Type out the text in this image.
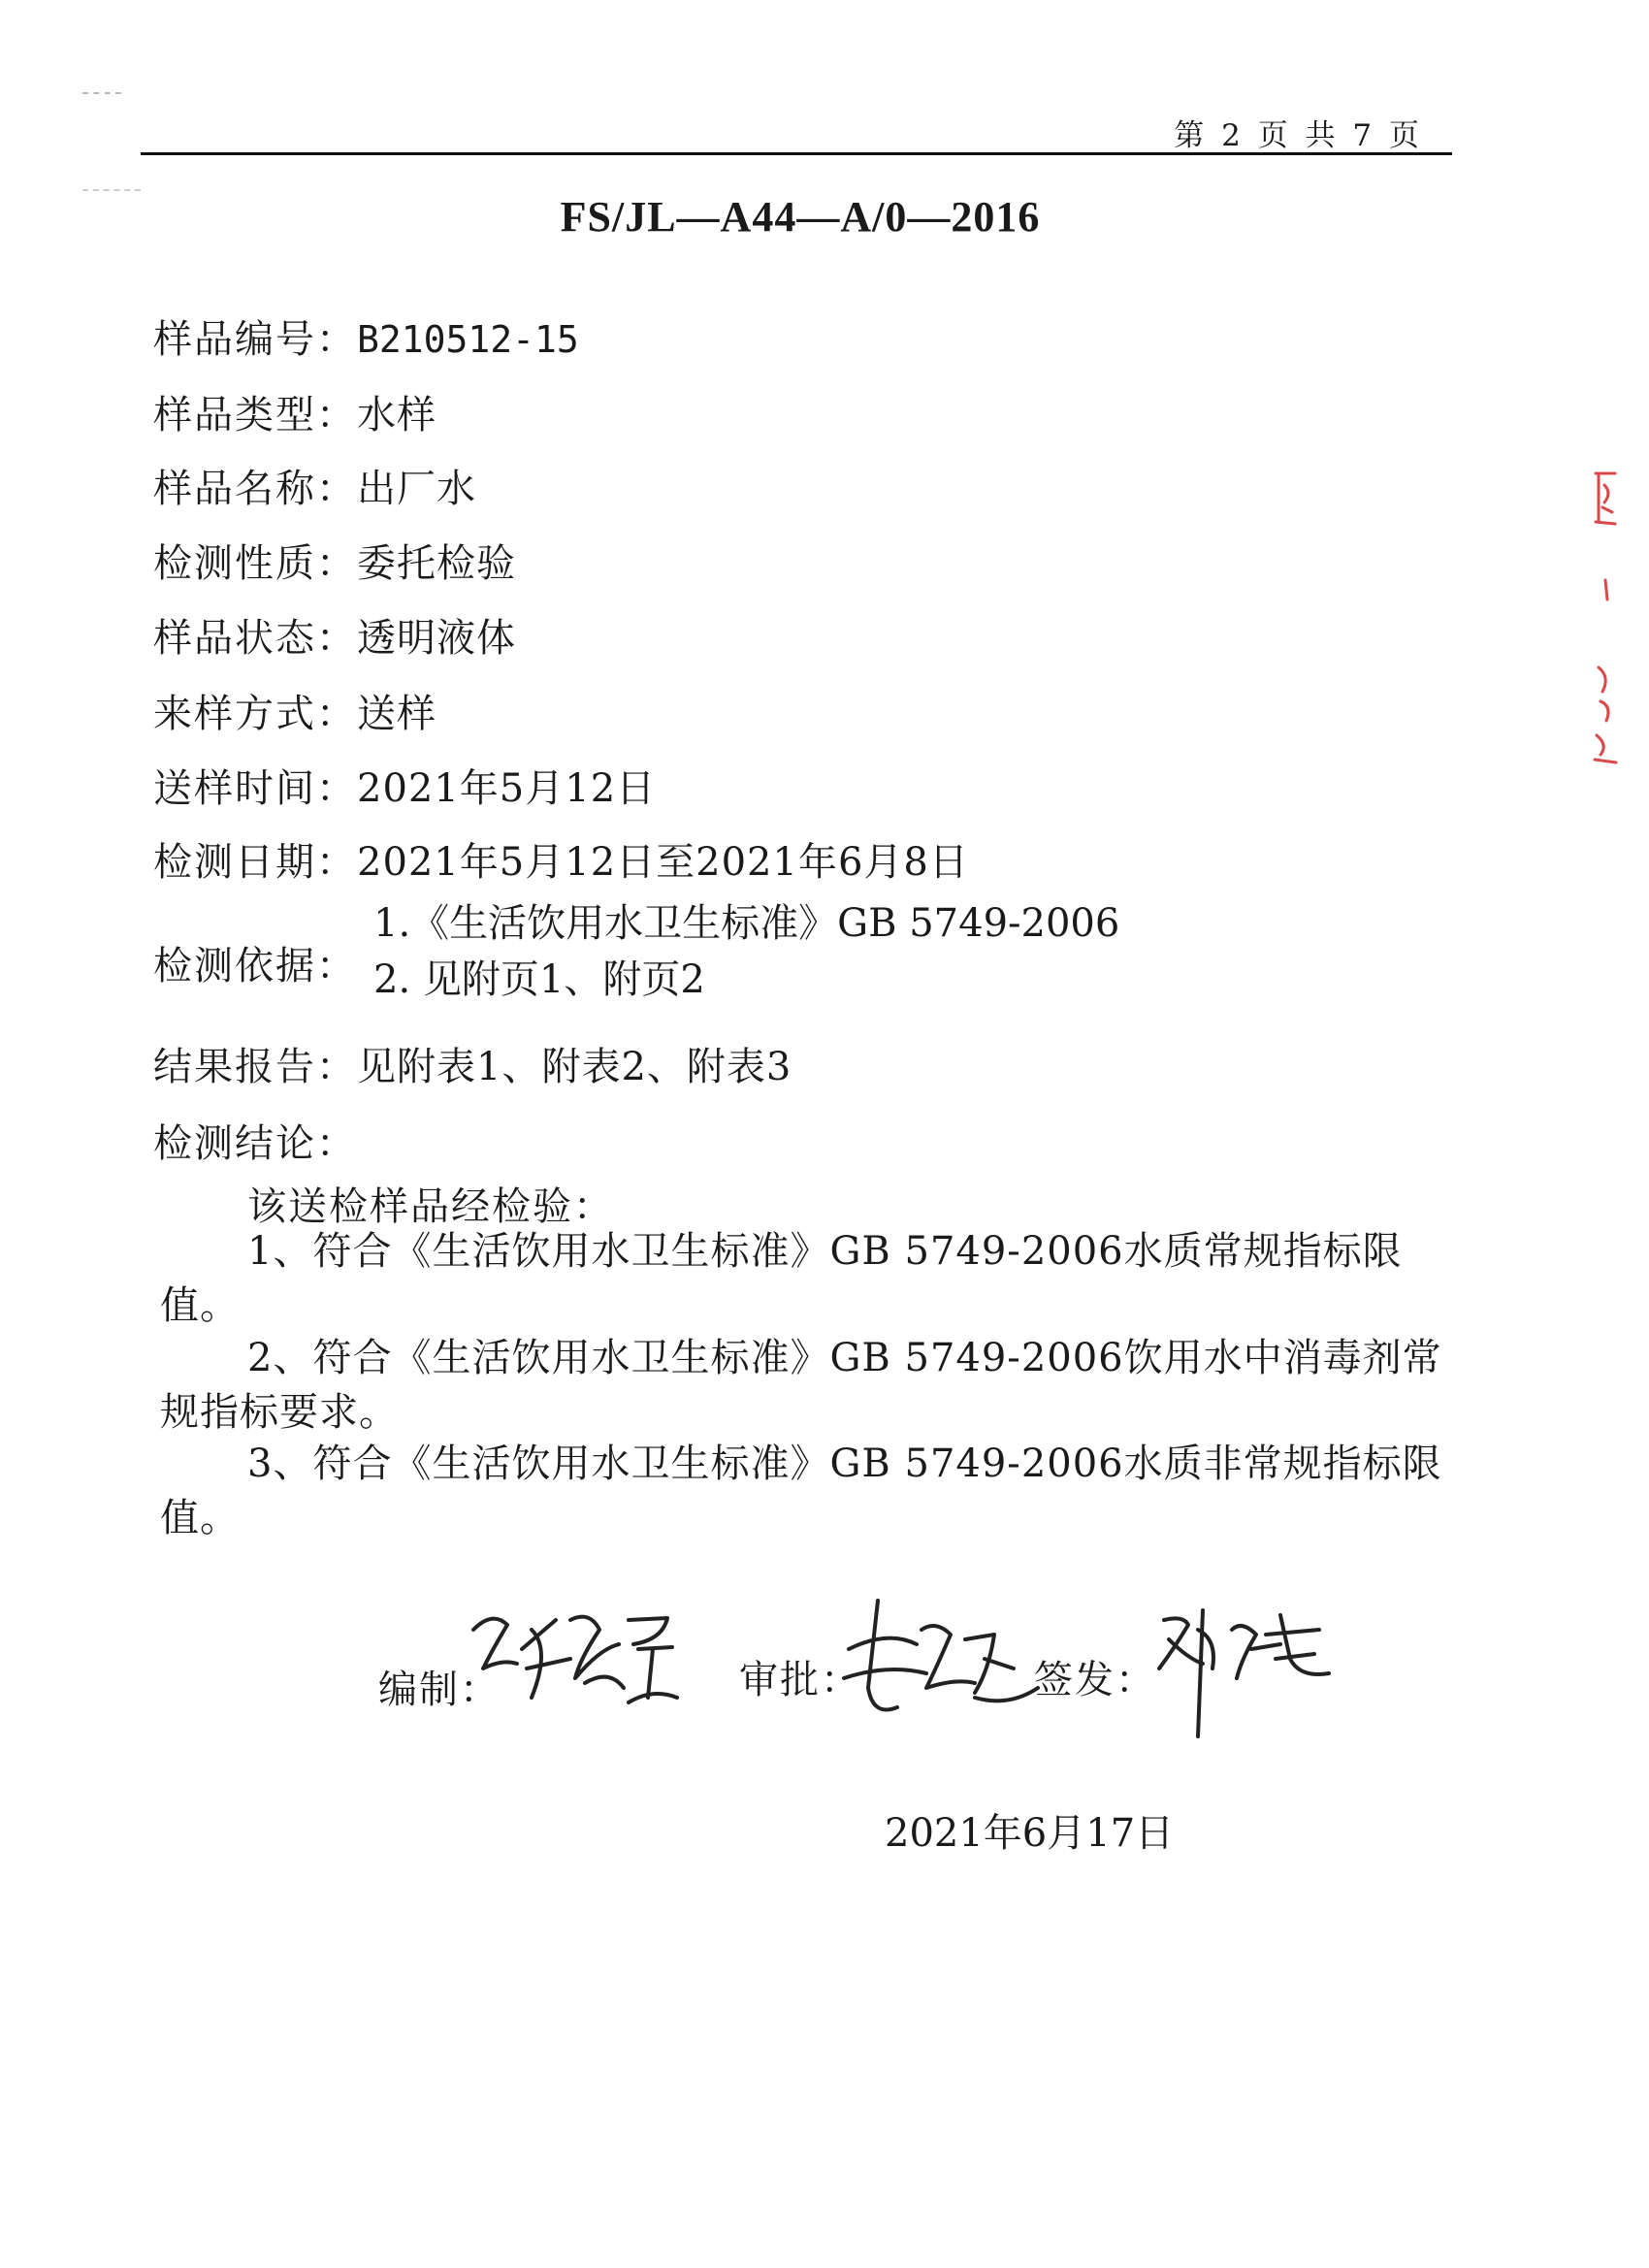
第 2 页 共 7 页
FS/JL—A44—A/0—2016
样品编号：B210512-15
样品类型：水样
样品名称：出厂水
检测性质：委托检验
样品状态：透明液体
来样方式：送样
送样时间：2021年5月12日
检测日期：2021年5月12日至2021年6月8日
检测依据：
1.《生活饮用水卫生标准》GB 5749-2006
2. 见附页1、附页2
结果报告：见附表1、附表2、附表3
检测结论：
该送检样品经检验：
1、符合《生活饮用水卫生标准》GB 5749-2006水质常规指标限值。
2、符合《生活饮用水卫生标准》GB 5749-2006饮用水中消毒剂常规指标要求。
3、符合《生活饮用水卫生标准》GB 5749-2006水质非常规指标限值。
编制：	审批：	签发：
2021年6月17日
